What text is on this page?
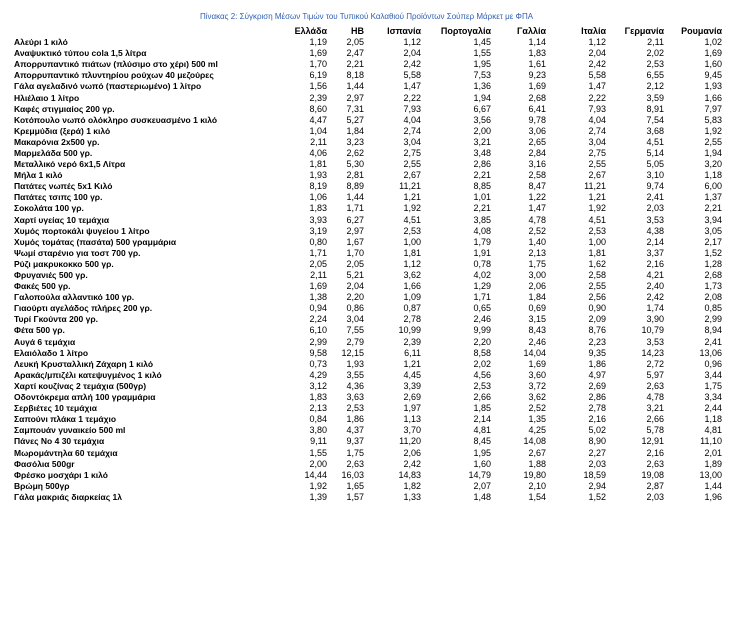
Πίνακας 2: Σύγκριση Μέσων Τιμών του Τυπικού Καλαθιού Προϊόντων Σούπερ Μάρκετ με ΦΠΑ
	Ελλάδα	ΗΒ	Ισπανία	Πορτογαλία	Γαλλία	Ιταλία	Γερμανία	Ρουμανία
Αλεύρι 1 κιλό	1,19	2,05	1,12	1,45	1,14	1,12	2,11	1,02
Αναψυκτικό τύπου cola 1,5 λίτρα	1,69	2,47	2,04	1,55	1,83	2,04	2,02	1,69
Απορρυπαντικό πιάτων (πλύσιμο στο χέρι) 500 ml	1,70	2,21	2,42	1,95	1,61	2,42	2,53	1,60
Απορρυπαντικό πλυντηρίου ρούχων 40 μεζούρες	6,19	8,18	5,58	7,53	9,23	5,58	6,55	9,45
Γάλα αγελαδινό νωπό (παστεριωμένο) 1 λίτρο	1,56	1,44	1,47	1,36	1,69	1,47	2,12	1,93
Ηλιέλαιο 1 λίτρο	2,39	2,97	2,22	1,94	2,68	2,22	3,59	1,66
Καφές στιγμιαίος 200 γρ.	8,60	7,31	7,93	6,67	6,41	7,93	8,91	7,97
Κοτόπουλο νωπό ολόκληρο συσκευασμένο 1 κιλό	4,47	5,27	4,04	3,56	9,78	4,04	7,54	5,83
Κρεμμύδια (ξερά) 1 κιλό	1,04	1,84	2,74	2,00	3,06	2,74	3,68	1,92
Μακαρόνια 2x500 γρ.	2,11	3,23	3,04	3,21	2,65	3,04	4,51	2,55
Μαρμελάδα 500 γρ.	4,06	2,62	2,75	3,48	2,84	2,75	5,14	1,94
Μεταλλικό νερό 6x1,5 Λίτρα	1,81	5,30	2,55	2,86	3,16	2,55	5,05	3,20
Μήλα 1 κιλό	1,93	2,81	2,67	2,21	2,58	2,67	3,10	1,18
Πατάτες νωπές 5x1 Κιλό	8,19	8,89	11,21	8,85	8,47	11,21	9,74	6,00
Πατάτες τσιπς 100 γρ.	1,06	1,44	1,21	1,01	1,22	1,21	2,41	1,37
Σοκολάτα 100 γρ.	1,83	1,71	1,92	2,21	1,47	1,92	2,03	2,21
Χαρτί υγείας 10 τεμάχια	3,93	6,27	4,51	3,85	4,78	4,51	3,53	3,94
Χυμός πορτοκάλι ψυγείου 1 λίτρο	3,19	2,97	2,53	4,08	2,52	2,53	4,38	3,05
Χυμός τομάτας (πασάτα) 500 γραμμάρια	0,80	1,67	1,00	1,79	1,40	1,00	2,14	2,17
Ψωμί σταρένιο για τοστ 700 γρ.	1,71	1,70	1,81	1,91	2,13	1,81	3,37	1,52
Ρύζι μακρυκοκκο 500 γρ.	2,05	2,05	1,12	0,78	1,75	1,62	2,16	1,28
Φρυγανιές 500 γρ.	2,11	5,21	3,62	4,02	3,00	2,58	4,21	2,68
Φακές 500 γρ.	1,69	2,04	1,66	1,29	2,06	2,55	2,40	1,73
Γαλοπούλα αλλαντικό 100 γρ.	1,38	2,20	1,09	1,71	1,84	2,56	2,42	2,08
Γιαούρτι αγελάδος πλήρες 200 γρ.	0,94	0,86	0,87	0,65	0,69	0,90	1,74	0,85
Τυρί Γκούντα 200 γρ.	2,24	3,04	2,78	2,46	3,15	2,09	3,90	2,99
Φέτα 500 γρ.	6,10	7,55	10,99	9,99	8,43	8,76	10,79	8,94
Αυγά 6 τεμάχια	2,99	2,79	2,39	2,20	2,46	2,23	3,53	2,41
Ελαιόλαδο 1 λίτρο	9,58	12,15	6,11	8,58	14,04	9,35	14,23	13,06
Λευκή Κρυσταλλική Ζάχαρη 1 κιλό	0,73	1,93	1,21	2,02	1,69	1,86	2,72	0,96
Αρακάς/μπιζέλι κατεψυγμένος 1 κιλό	4,29	3,55	4,45	4,56	3,60	4,97	5,97	3,44
Χαρτί κουζίνας 2 τεμάχια (500γρ)	3,12	4,36	3,39	2,53	3,72	2,69	2,63	1,75
Οδοντόκρεμα απλή 100 γραμμάρια	1,83	3,63	2,69	2,66	3,62	2,86	4,78	3,34
Σερβιέτες 10 τεμάχια	2,13	2,53	1,97	1,85	2,52	2,78	3,21	2,44
Σαπούνι πλάκα 1 τεμάχιο	0,84	1,86	1,13	2,14	1,35	2,16	2,66	1,18
Σαμπουάν γυναικείο 500 ml	3,80	4,37	3,70	4,81	4,25	5,02	5,78	4,81
Πάνες Νο 4 30 τεμάχια	9,11	9,37	11,20	8,45	14,08	8,90	12,91	11,10
Μωρομάντηλα 60 τεμάχια	1,55	1,75	2,06	1,95	2,67	2,27	2,16	2,01
Φασόλια 500gr	2,00	2,63	2,42	1,60	1,88	2,03	2,63	1,89
Φρέσκο μοσχάρι 1 κιλό	14,44	16,03	14,83	14,79	19,80	18,59	19,08	13,00
Βρώμη 500γρ	1,92	1,65	1,82	2,07	2,10	2,94	2,87	1,44
Γάλα μακριάς διαρκείας 1λ	1,39	1,57	1,33	1,48	1,54	1,52	2,03	1,96
